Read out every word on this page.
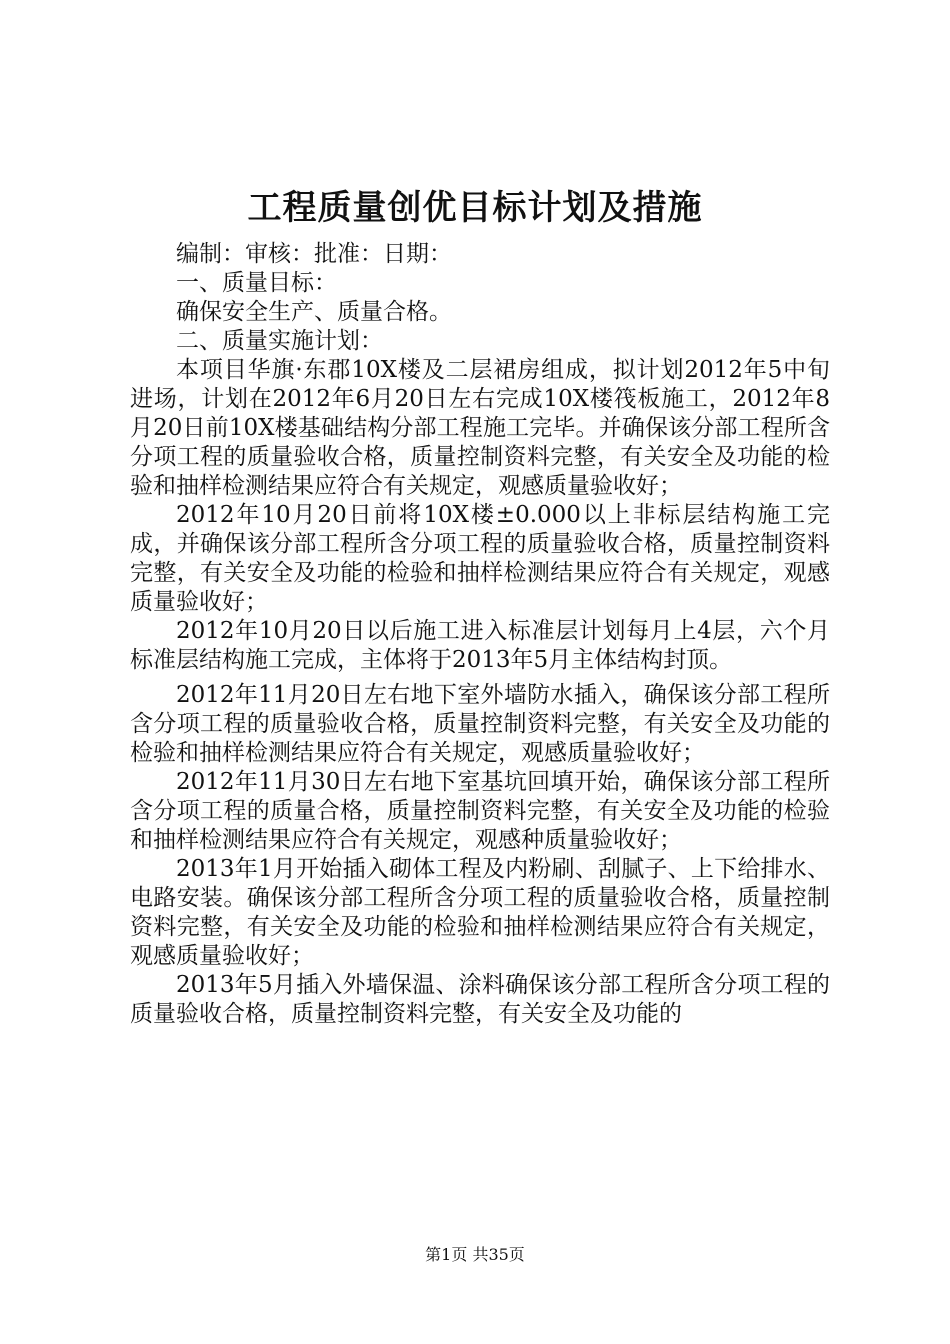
工程质量创优目标计划及措施

编制：审核：批准：日期：

一、质量目标：

确保安全生产、质量合格。

二、质量实施计划：

本项目华旗·东郡10X楼及二层裙房组成，拟计划2012年5中旬进场，计划在2012年6月20日左右完成10X楼筏板施工，2012年8月20日前10X楼基础结构分部工程施工完毕。并确保该分部工程所含分项工程的质量验收合格，质量控制资料完整，有关安全及功能的检验和抽样检测结果应符合有关规定，观感质量验收好；

2012年10月20日前将10X楼±0.000以上非标层结构施工完成，并确保该分部工程所含分项工程的质量验收合格，质量控制资料完整，有关安全及功能的检验和抽样检测结果应符合有关规定，观感质量验收好；

2012年10月20日以后施工进入标准层计划每月上4层，六个月标准层结构施工完成，主体将于2013年5月主体结构封顶。

2012年11月20日左右地下室外墙防水插入，确保该分部工程所含分项工程的质量验收合格，质量控制资料完整，有关安全及功能的检验和抽样检测结果应符合有关规定，观感质量验收好；

2012年11月30日左右地下室基坑回填开始，确保该分部工程所含分项工程的质量合格，质量控制资料完整，有关安全及功能的检验和抽样检测结果应符合有关规定，观感种质量验收好；

2013年1月开始插入砌体工程及内粉刷、刮腻子、上下给排水、电路安装。确保该分部工程所含分项工程的质量验收合格，质量控制资料完整，有关安全及功能的检验和抽样检测结果应符合有关规定，观感质量验收好；

2013年5月插入外墙保温、涂料确保该分部工程所含分项工程的质量验收合格，质量控制资料完整，有关安全及功能的

第1页 共35页
